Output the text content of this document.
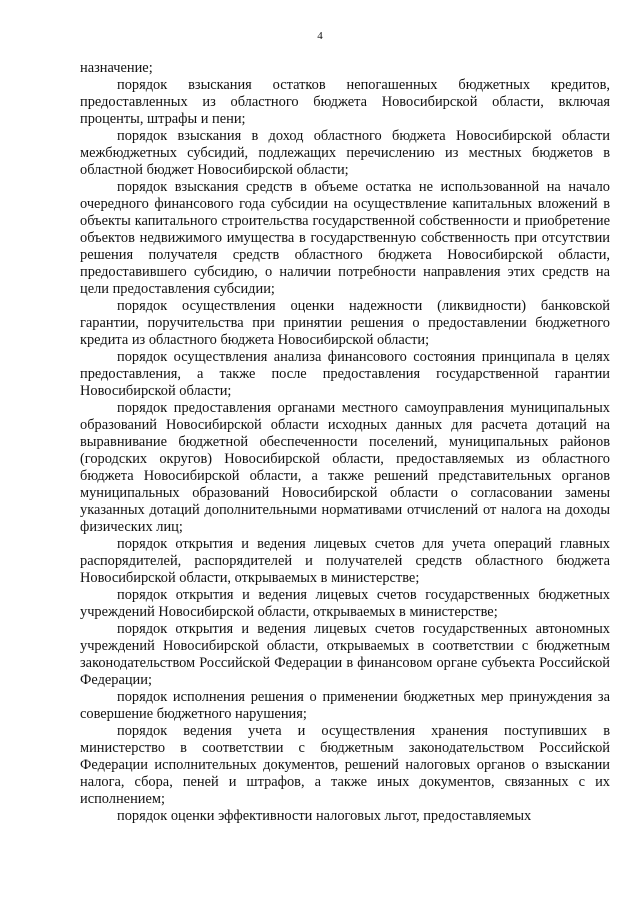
4

назначение;

порядок взыскания остатков непогашенных бюджетных кредитов, предоставленных из областного бюджета Новосибирской области, включая проценты, штрафы и пени;

порядок взыскания в доход областного бюджета Новосибирской области межбюджетных субсидий, подлежащих перечислению из местных бюджетов в областной бюджет Новосибирской области;

порядок взыскания средств в объеме остатка не использованной на начало очередного финансового года субсидии на осуществление капитальных вложений в объекты капитального строительства государственной собственности и приобретение объектов недвижимого имущества в государственную собственность при отсутствии решения получателя средств областного бюджета Новосибирской области, предоставившего субсидию, о наличии потребности направления этих средств на цели предоставления субсидии;

порядок осуществления оценки надежности (ликвидности) банковской гарантии, поручительства при принятии решения о предоставлении бюджетного кредита из областного бюджета Новосибирской области;

порядок осуществления анализа финансового состояния принципала в целях предоставления, а также после предоставления государственной гарантии Новосибирской области;

порядок предоставления органами местного самоуправления муниципальных образований Новосибирской области исходных данных для расчета дотаций на выравнивание бюджетной обеспеченности поселений, муниципальных районов (городских округов) Новосибирской области, предоставляемых из областного бюджета Новосибирской области, а также решений представительных органов муниципальных образований Новосибирской области о согласовании замены указанных дотаций дополнительными нормативами отчислений от налога на доходы физических лиц;

порядок открытия и ведения лицевых счетов для учета операций главных распорядителей, распорядителей и получателей средств областного бюджета Новосибирской области, открываемых в министерстве;

порядок открытия и ведения лицевых счетов государственных бюджетных учреждений Новосибирской области, открываемых в министерстве;

порядок открытия и ведения лицевых счетов государственных автономных учреждений Новосибирской области, открываемых в соответствии с бюджетным законодательством Российской Федерации в финансовом органе субъекта Российской Федерации;

порядок исполнения решения о применении бюджетных мер принуждения за совершение бюджетного нарушения;

порядок ведения учета и осуществления хранения поступивших в министерство в соответствии с бюджетным законодательством Российской Федерации исполнительных документов, решений налоговых органов о взыскании налога, сбора, пеней и штрафов, а также иных документов, связанных с их исполнением;

порядок оценки эффективности налоговых льгот, предоставляемых
